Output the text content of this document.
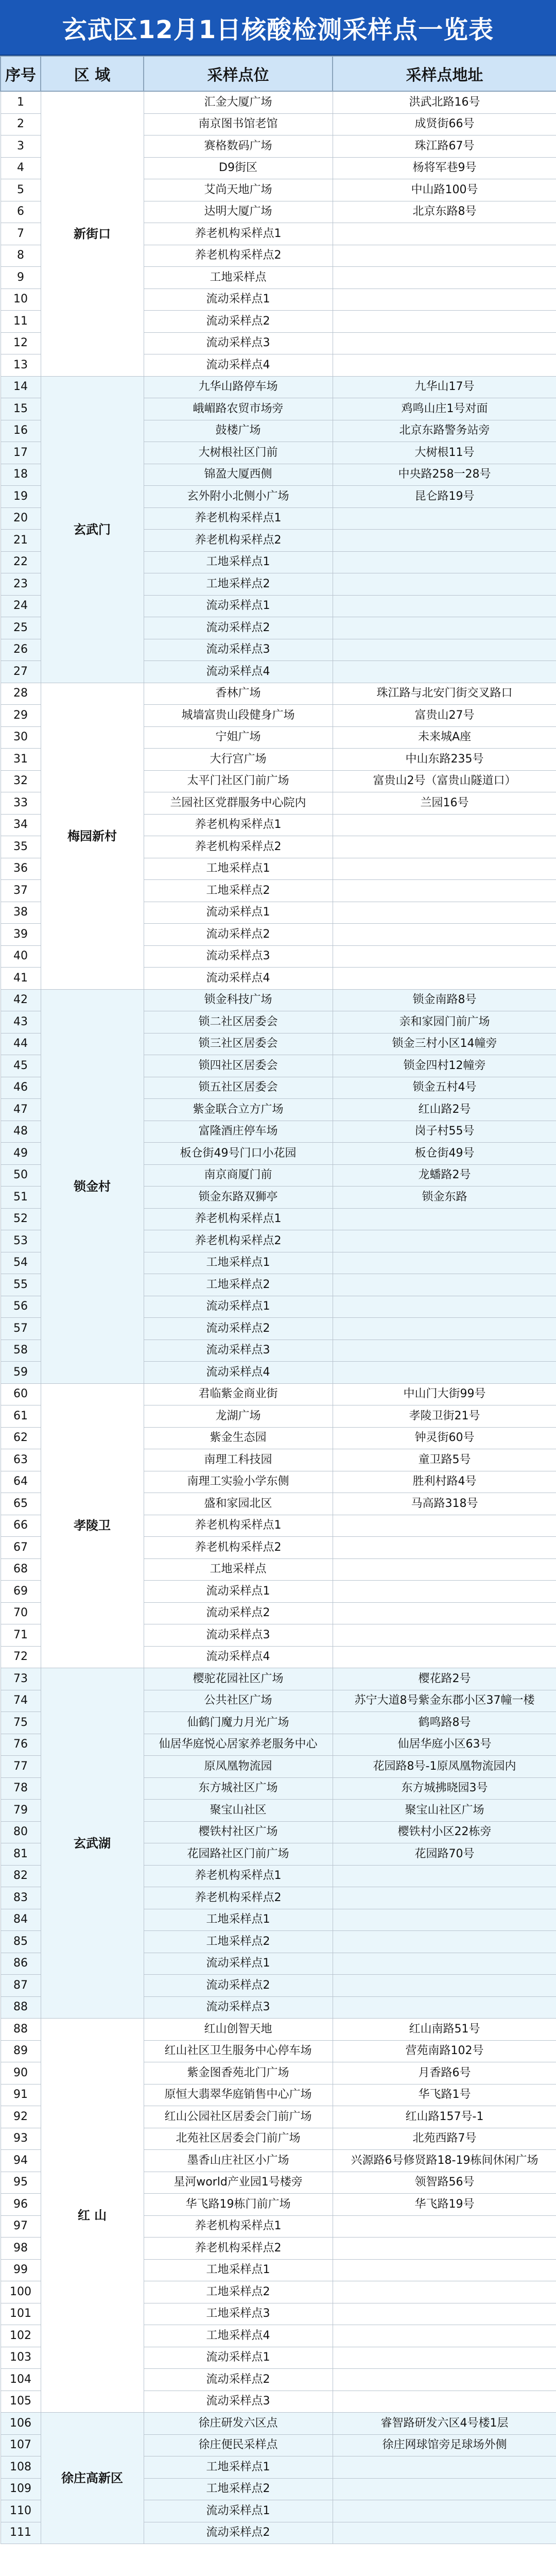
玄武区12月1日核酸检测采样点一览表
序号	区 域	采样点位	采样点地址
1	新街口	汇金大厦广场	洪武北路16号
2		南京图书馆老馆	成贤街66号
3		赛格数码广场	珠江路67号
4		D9街区	杨将军巷9号
5		艾尚天地广场	中山路100号
6		达明大厦广场	北京东路8号
7		养老机构采样点1	
8		养老机构采样点2	
9		工地采样点	
10		流动采样点1	
11		流动采样点2	
12		流动采样点3	
13		流动采样点4	
14	玄武门	九华山路停车场	九华山17号
15		峨嵋路农贸市场旁	鸡鸣山庄1号对面
16		鼓楼广场	北京东路警务站旁
17		大树根社区门前	大树根11号
18		锦盈大厦西侧	中央路258一28号
19		玄外附小北侧小广场	昆仑路19号
20		养老机构采样点1	
21		养老机构采样点2	
22		工地采样点1	
23		工地采样点2	
24		流动采样点1	
25		流动采样点2	
26		流动采样点3	
27		流动采样点4	
28	梅园新村	香林广场	珠江路与北安门街交叉路口
29		城墙富贵山段健身广场	富贵山27号
30		宁姐广场	未来城A座
31		大行宫广场	中山东路235号
32		太平门社区门前广场	富贵山2号（富贵山隧道口）
33		兰园社区党群服务中心院内	兰园16号
34		养老机构采样点1	
35		养老机构采样点2	
36		工地采样点1	
37		工地采样点2	
38		流动采样点1	
39		流动采样点2	
40		流动采样点3	
41		流动采样点4	
42	锁金村	锁金科技广场	锁金南路8号
43		锁二社区居委会	亲和家园门前广场
44		锁三社区居委会	锁金三村小区14幢旁
45		锁四社区居委会	锁金四村12幢旁
46		锁五社区居委会	锁金五村4号
47		紫金联合立方广场	红山路2号
48		富隆酒庄停车场	岗子村55号
49		板仓街49号门口小花园	板仓街49号
50		南京商厦门前	龙蟠路2号
51		锁金东路双狮亭	锁金东路
52		养老机构采样点1	
53		养老机构采样点2	
54		工地采样点1	
55		工地采样点2	
56		流动采样点1	
57		流动采样点2	
58		流动采样点3	
59		流动采样点4	
60	孝陵卫	君临紫金商业街	中山门大街99号
61		龙湖广场	孝陵卫街21号
62		紫金生态园	钟灵街60号
63		南理工科技园	童卫路5号
64		南理工实验小学东侧	胜利村路4号
65		盛和家园北区	马高路318号
66		养老机构采样点1	
67		养老机构采样点2	
68		工地采样点	
69		流动采样点1	
70		流动采样点2	
71		流动采样点3	
72		流动采样点4	
73	玄武湖	樱驼花园社区广场	樱花路2号
74		公共社区广场	苏宁大道8号紫金东郡小区37幢一楼
75		仙鹤门魔力月光广场	鹤鸣路8号
76		仙居华庭悦心居家养老服务中心	仙居华庭小区63号
77		原凤凰物流园	花园路8号-1原凤凰物流园内
78		东方城社区广场	东方城拂晓园3号
79		聚宝山社区	聚宝山社区广场
80		樱铁村社区广场	樱铁村小区22栋旁
81		花园路社区门前广场	花园路70号
82		养老机构采样点1	
83		养老机构采样点2	
84		工地采样点1	
85		工地采样点2	
86		流动采样点1	
87		流动采样点2	
88		流动采样点3	
88	红 山	红山创智天地	红山南路51号
89		红山社区卫生服务中心停车场	营苑南路102号
90		紫金图香苑北门广场	月香路6号
91		原恒大翡翠华庭销售中心广场	华飞路1号
92		红山公园社区居委会门前广场	红山路157号-1
93		北苑社区居委会门前广场	北苑西路7号
94		墨香山庄社区小广场	兴源路6号修贤路18-19栋间休闲广场
95		星河world产业园1号楼旁	领智路56号
96		华飞路19栋门前广场	华飞路19号
97		养老机构采样点1	
98		养老机构采样点2	
99		工地采样点1	
100		工地采样点2	
101		工地采样点3	
102		工地采样点4	
103		流动采样点1	
104		流动采样点2	
105		流动采样点3	
106	徐庄高新区	徐庄研发六区点	睿智路研发六区4号楼1层
107		徐庄便民采样点	徐庄网球馆旁足球场外侧
108		工地采样点1	
109		工地采样点2	
110		流动采样点1	
111		流动采样点2	
